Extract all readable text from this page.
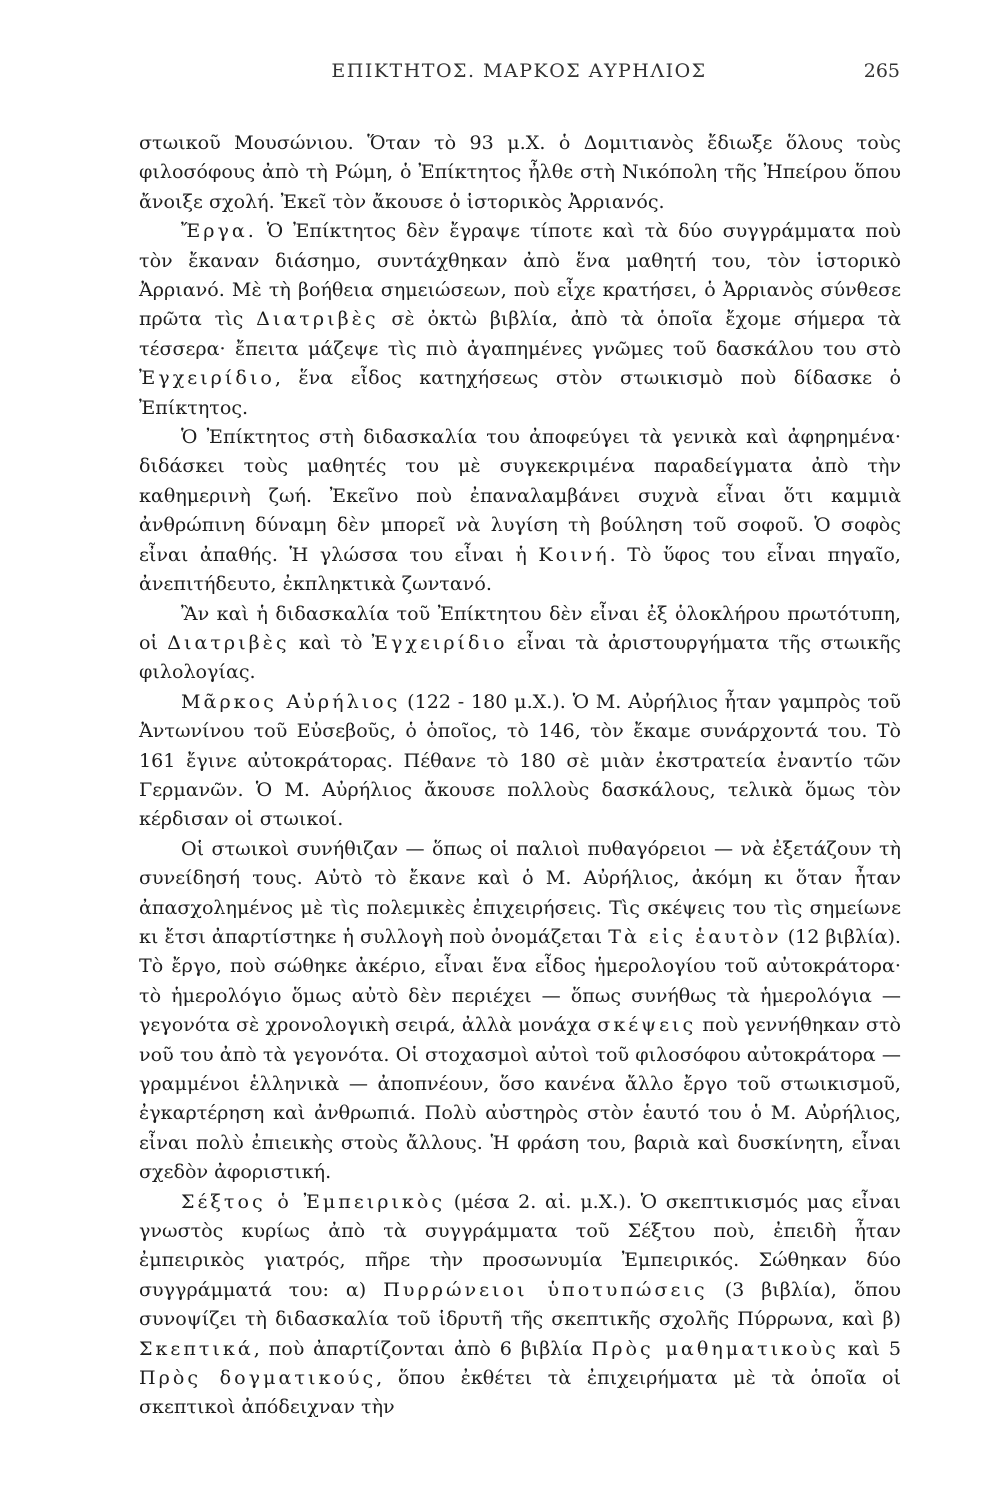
ΕΠΙΚΤΗΤΟΣ. ΜΑΡΚΟΣ ΑΥΡΗΛΙΟΣ	265

στωικοῦ Μουσώνιου. Ὅταν τὸ 93 μ.Χ. ὁ Δομιτιανὸς ἔδιωξε ὅλους τοὺς φιλοσόφους ἀπὸ τὴ Ρώμη, ὁ Ἐπίκτητος ἦλθε στὴ Νικόπολη τῆς Ἠπείρου ὅπου ἄνοιξε σχολή. Ἐκεῖ τὸν ἄκουσε ὁ ἱστορικὸς Ἀρριανός.

Ἔργα. Ὁ Ἐπίκτητος δὲν ἔγραψε τίποτε καὶ τὰ δύο συγγράμματα ποὺ τὸν ἔκαναν διάσημο, συντάχθηκαν ἀπὸ ἕνα μαθητή του, τὸν ἱστορικὸ Ἀρριανό. Μὲ τὴ βοήθεια σημειώσεων, ποὺ εἶχε κρατήσει, ὁ Ἀρριανὸς σύνθεσε πρῶτα τὶς Διατριβὲς σὲ ὀκτὼ βιβλία, ἀπὸ τὰ ὁποῖα ἔχομε σήμερα τὰ τέσσερα· ἔπειτα μάζεψε τὶς πιὸ ἀγαπημένες γνῶμες τοῦ δασκάλου του στὸ Ἐγχειρίδιο, ἕνα εἶδος κατηχήσεως στὸν στωικισμὸ ποὺ δίδασκε ὁ Ἐπίκτητος.

Ὁ Ἐπίκτητος στὴ διδασκαλία του ἀποφεύγει τὰ γενικὰ καὶ ἀφηρημένα· διδάσκει τοὺς μαθητές του μὲ συγκεκριμένα παραδείγματα ἀπὸ τὴν καθημερινὴ ζωή. Ἐκεῖνο ποὺ ἐπαναλαμβάνει συχνὰ εἶναι ὅτι καμμιὰ ἀνθρώπινη δύναμη δὲν μπορεῖ νὰ λυγίση τὴ βούληση τοῦ σοφοῦ. Ὁ σοφὸς εἶναι ἀπαθής. Ἡ γλώσσα του εἶναι ἡ Κοινή. Τὸ ὕφος του εἶναι πηγαῖο, ἀνεπιτήδευτο, ἐκπληκτικὰ ζωντανό.

Ἂν καὶ ἡ διδασκαλία τοῦ Ἐπίκτητου δὲν εἶναι ἐξ ὁλοκλήρου πρωτότυπη, οἱ Διατριβὲς καὶ τὸ Ἐγχειρίδιο εἶναι τὰ ἀριστουργήματα τῆς στωικῆς φιλολογίας.

Μᾶρκος Αὐρήλιος (122 - 180 μ.Χ.). Ὁ Μ. Αὐρήλιος ἦταν γαμπρὸς τοῦ Ἀντωνίνου τοῦ Εὐσεβοῦς, ὁ ὁποῖος, τὸ 146, τὸν ἔκαμε συνάρχοντά του. Τὸ 161 ἔγινε αὐτοκράτορας. Πέθανε τὸ 180 σὲ μιὰν ἐκστρατεία ἐναντίο τῶν Γερμανῶν. Ὁ Μ. Αὐρήλιος ἄκουσε πολλοὺς δασκάλους, τελικὰ ὅμως τὸν κέρδισαν οἱ στωικοί.

Οἱ στωικοὶ συνήθιζαν — ὅπως οἱ παλιοὶ πυθαγόρειοι — νὰ ἐξετάζουν τὴ συνείδησή τους. Αὐτὸ τὸ ἔκανε καὶ ὁ Μ. Αὐρήλιος, ἀκόμη κι ὅταν ἦταν ἀπασχολημένος μὲ τὶς πολεμικὲς ἐπιχειρήσεις. Τὶς σκέψεις του τὶς σημείωνε κι ἔτσι ἀπαρτίστηκε ἡ συλλογὴ ποὺ ὀνομάζεται Τὰ εἰς ἑαυτὸν (12 βιβλία). Τὸ ἔργο, ποὺ σώθηκε ἀκέριο, εἶναι ἕνα εἶδος ἡμερολογίου τοῦ αὐτοκράτορα· τὸ ἡμερολόγιο ὅμως αὐτὸ δὲν περιέχει — ὅπως συνήθως τὰ ἡμερολόγια — γεγονότα σὲ χρονολογικὴ σειρά, ἀλλὰ μονάχα σκέψεις ποὺ γεννήθηκαν στὸ νοῦ του ἀπὸ τὰ γεγονότα. Οἱ στοχασμοὶ αὐτοὶ τοῦ φιλοσόφου αὐτοκράτορα — γραμμένοι ἑλληνικὰ — ἀποπνέουν, ὅσο κανένα ἄλλο ἔργο τοῦ στωικισμοῦ, ἐγκαρτέρηση καὶ ἀνθρωπιά. Πολὺ αὐστηρὸς στὸν ἑαυτό του ὁ Μ. Αὐρήλιος, εἶναι πολὺ ἐπιεικὴς στοὺς ἄλλους. Ἡ φράση του, βαριὰ καὶ δυσκίνητη, εἶναι σχεδὸν ἀφοριστική.

Σέξτος ὁ Ἐμπειρικὸς (μέσα 2. αἰ. μ.Χ.). Ὁ σκεπτικισμός μας εἶναι γνωστὸς κυρίως ἀπὸ τὰ συγγράμματα τοῦ Σέξτου ποὺ, ἐπειδὴ ἦταν ἐμπειρικὸς γιατρός, πῆρε τὴν προσωνυμία Ἐμπειρικός. Σώθηκαν δύο συγγράμματά του: α) Πυρρώνειοι ὑποτυπώσεις (3 βιβλία), ὅπου συνοψίζει τὴ διδασκαλία τοῦ ἱδρυτῆ τῆς σκεπτικῆς σχολῆς Πύρρωνα, καὶ β) Σκεπτικά, ποὺ ἀπαρτίζονται ἀπὸ 6 βιβλία Πρὸς μαθηματικοὺς καὶ 5 Πρὸς δογματικούς, ὅπου ἐκθέτει τὰ ἐπιχειρήματα μὲ τὰ ὁποῖα οἱ σκεπτικοὶ ἀπόδειχναν τὴν
